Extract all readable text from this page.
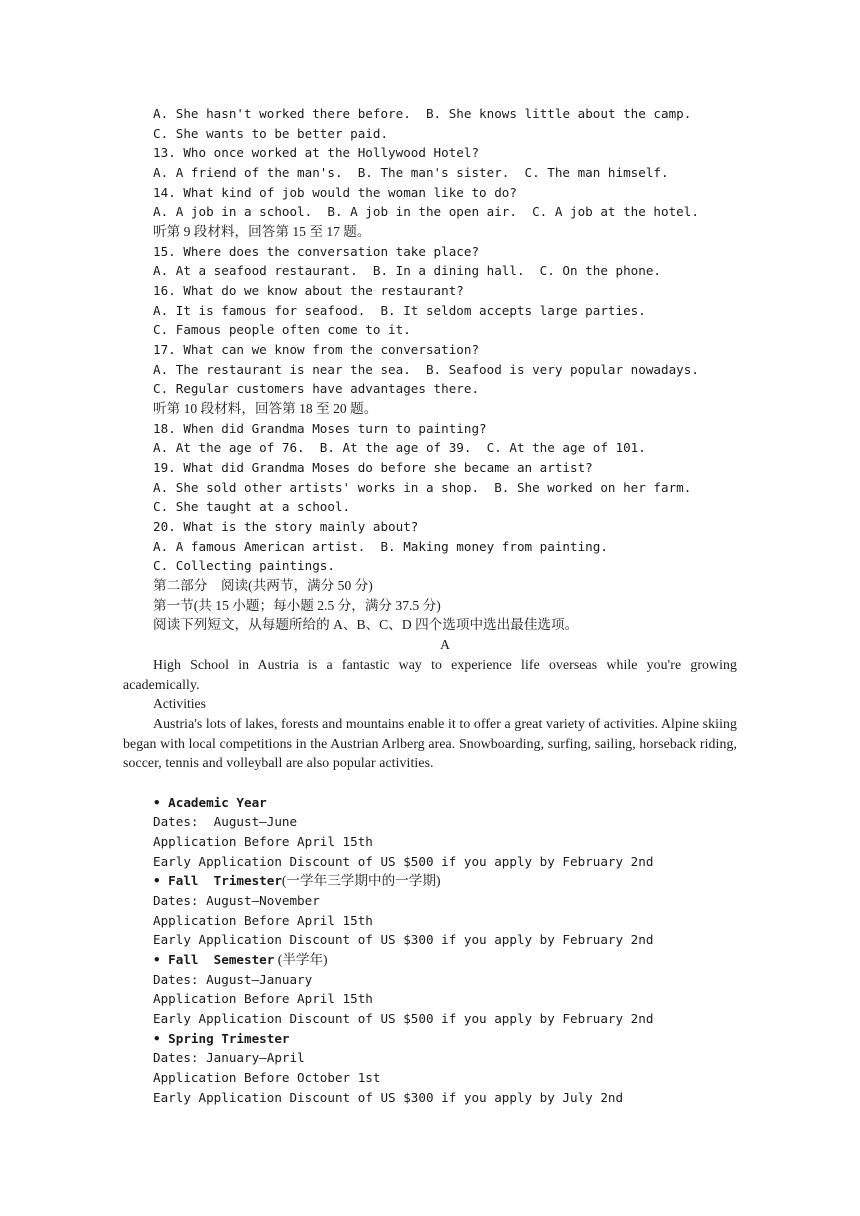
A. She hasn't worked there before. B. She knows little about the camp.
C. She wants to be better paid.
13. Who once worked at the Hollywood Hotel?
A. A friend of the man's.  B. The man's sister.  C. The man himself.
14. What kind of job would the woman like to do?
A. A job in a school.  B. A job in the open air.  C. A job at the hotel.
听第 9 段材料，回答第 15 至 17 题。
15. Where does the conversation take place?
A. At a seafood restaurant.  B. In a dining hall.  C. On the phone.
16. What do we know about the restaurant?
A. It is famous for seafood.  B. It seldom accepts large parties.
C. Famous people often come to it.
17. What can we know from the conversation?
A. The restaurant is near the sea.  B. Seafood is very popular nowadays.
C. Regular customers have advantages there.
听第 10 段材料，回答第 18 至 20 题。
18. When did Grandma Moses turn to painting?
A. At the age of 76.  B. At the age of 39.  C. At the age of 101.
19. What did Grandma Moses do before she became an artist?
A. She sold other artists' works in a shop.  B. She worked on her farm.
C. She taught at a school.
20. What is the story mainly about?
A. A famous American artist.  B. Making money from painting.
C. Collecting paintings.
第二部分　阅读(共两节，满分 50 分)
第一节(共 15 小题；每小题 2.5 分，满分 37.5 分)
阅读下列短文，从每题所给的 A、B、C、D 四个选项中选出最佳选项。
A

High School in Austria is a fantastic way to experience life overseas while you're growing academically.

Activities

Austria's lots of lakes, forests and mountains enable it to offer a great variety of activities. Alpine skiing began with local competitions in the Austrian Arlberg area. Snowboarding, surfing, sailing, horseback riding, soccer, tennis and volleyball are also popular activities.

• Academic Year
Dates:  August—June
Application Before April 15th
Early Application Discount of US $500 if you apply by February 2nd
• Fall  Trimester(一学年三学期中的一学期)
Dates: August—November
Application Before April 15th
Early Application Discount of US $300 if you apply by February 2nd
• Fall  Semester (半学年)
Dates: August—January
Application Before April 15th
Early Application Discount of US $500 if you apply by February 2nd
• Spring Trimester
Dates: January—April
Application Before October 1st
Early Application Discount of US $300 if you apply by July 2nd
